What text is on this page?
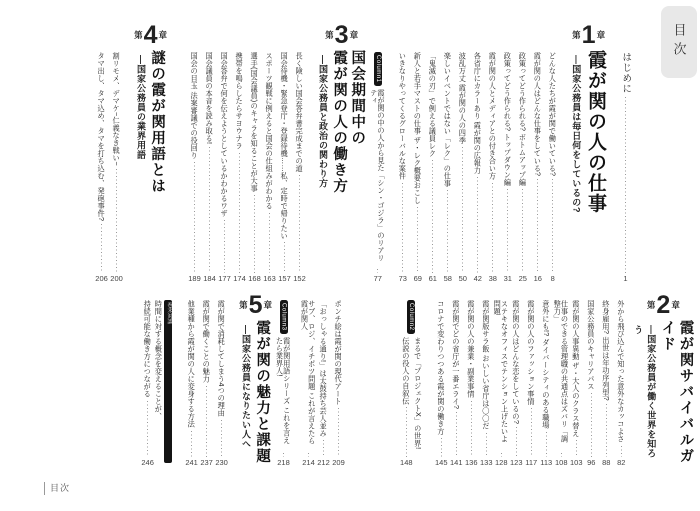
目次
はじめに
1
第 1 章
霞が関の人の仕事
―国家公務員は毎日何をしているの?
どんな人たちが霞が関で働いている?
8
霞が関の人はどんな仕事をしている?
16
政策ってどう作られる? ボトムアップ編
25
政策ってどう作られる? トップダウン編
31
霞が関の人とメディアとの付き合い方
38
各省庁にカラーあり 霞が関の広報力
42
波乱万丈 霞が関の人の四季
50
楽しいイベントではない「レク」の仕事
58
「鬼滅の刃」で例える議員レク
61
新人と若手マストの仕事 ザ・レク概要おこし
69
いきなりやってくるグローバルな案件
73
Column1
霞が関の中の人から見た「シン・ゴジラ」のリアリティ
77
第 3 章
国会期間中の
霞が関の人の働き方
―国家公務員と政治の関わり方
長く険しい国会答弁書完成までの道
152
国会待機・緊急登庁・登録待機……私、定時で帰りたい
157
スポーツ観戦に例えると国会の仕組みがわかる
163
選手(国会議員)のキャラを知ることが大事
168
携帯を鳴らしたらサヨウナラ
174
国会答弁で何を伝えようとしているかわかるワザ
177
国会議員の本音を読み取る!
184
国会の目玉 法案審議での役回り
189
第 4 章
謎の霞が関用語とは
―国家公務員の業界用語
割リモメ、デマケ~仁義なき戦い~
200
タマ出し、タマ込め、タマを打ち込む、発砲事件?
206
第 2 章
霞が関サバイバルガイド
―国家公務員が働く世界を知ろう
外から飛び込んで知った意外なカッコよさ
82
終身雇用? 出世は年功序列型?
88
国家公務員のキャリアパス
96
霞が関の人事異動 ザ・大人のクラス替え
103
仕事のできる管理職の共通点はズバリ「調整力」
108
意外にも!? ダイバーシティのある職場
113
霞が関の人のファッション事情
117
霞が関の人はどんな恋をしているの?
123
ステキなオフィスでテンション上げたいよ問題
128
霞が関版サラ飯 おいしい省庁は〇〇だ
133
霞が関の人の兼業・副業事情
136
霞が関でどの省庁が一番エライ?
141
コロナで変わりつつある霞が関の働き方
145
Column2
まるで「プロジェクトX」の世界!
伝説の役人の自叙伝
148
ポンチ絵は霞が関の現代アート
209
「おっしゃる通り!」は太鼓持ち芸人並み
212
サブ、ロジ、イチポツ問題 これが言えたら霞が関人
214
Column3
霞が関用語シリーズ これを言えたら業界人!
218
第 5 章
霞が関の魅力と課題
―国家公務員になりたい人へ
霞が関で消耗してしまう4つの理由
230
霞が関で働くことの魅力
237
他業種から霞が関の人に変身する方法
241
巻末対談
時間に対する概念を変えることが、
持続可能な働き方につながる
246
目次
